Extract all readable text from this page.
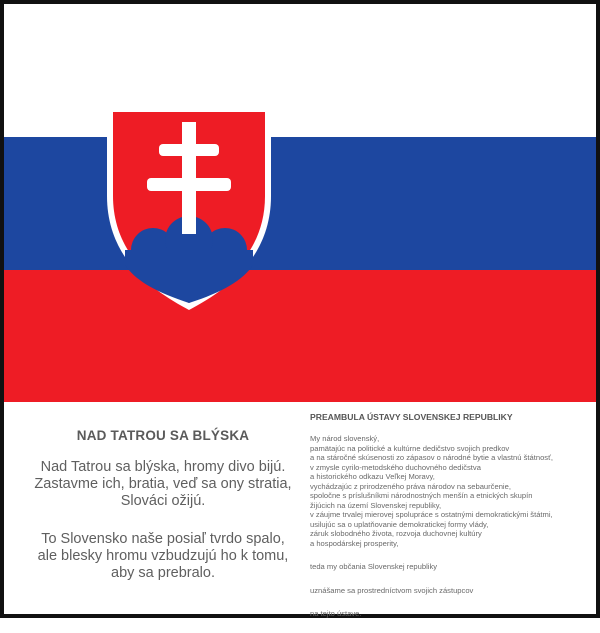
NAD TATROU SA BLÝSKA
Nad Tatrou sa blýska, hromy divo bijú.
Zastavme ich, bratia, veď sa ony stratia,
Slováci ožijú.
To Slovensko naše posiaľ tvrdo spalo,
ale blesky hromu vzbudzujú ho k tomu,
aby sa prebralo.
PREAMBULA ÚSTAVY SLOVENSKEJ REPUBLIKY
My národ slovenský,
pamätajúc na politické a kultúrne dedičstvo svojich predkov
a na stáročné skúsenosti zo zápasov o národné bytie a vlastnú štátnosť,
v zmysle cyrilo-metodského duchovného dedičstva
a historického odkazu Veľkej Moravy,
vychádzajúc z prirodzeného práva národov na sebaurčenie,
spoločne s príslušníkmi národnostných menšín a etnických skupín
žijúcich na území Slovenskej republiky,
v záujme trvalej mierovej spolupráce s ostatnými demokratickými štátmi,
usilujúc sa o uplatňovanie demokratickej formy vlády,
záruk slobodného života, rozvoja duchovnej kultúry
a hospodárskej prosperity,
teda my občania Slovenskej republiky
uznášame sa prostredníctvom svojich zástupcov
na tejto ústave.
